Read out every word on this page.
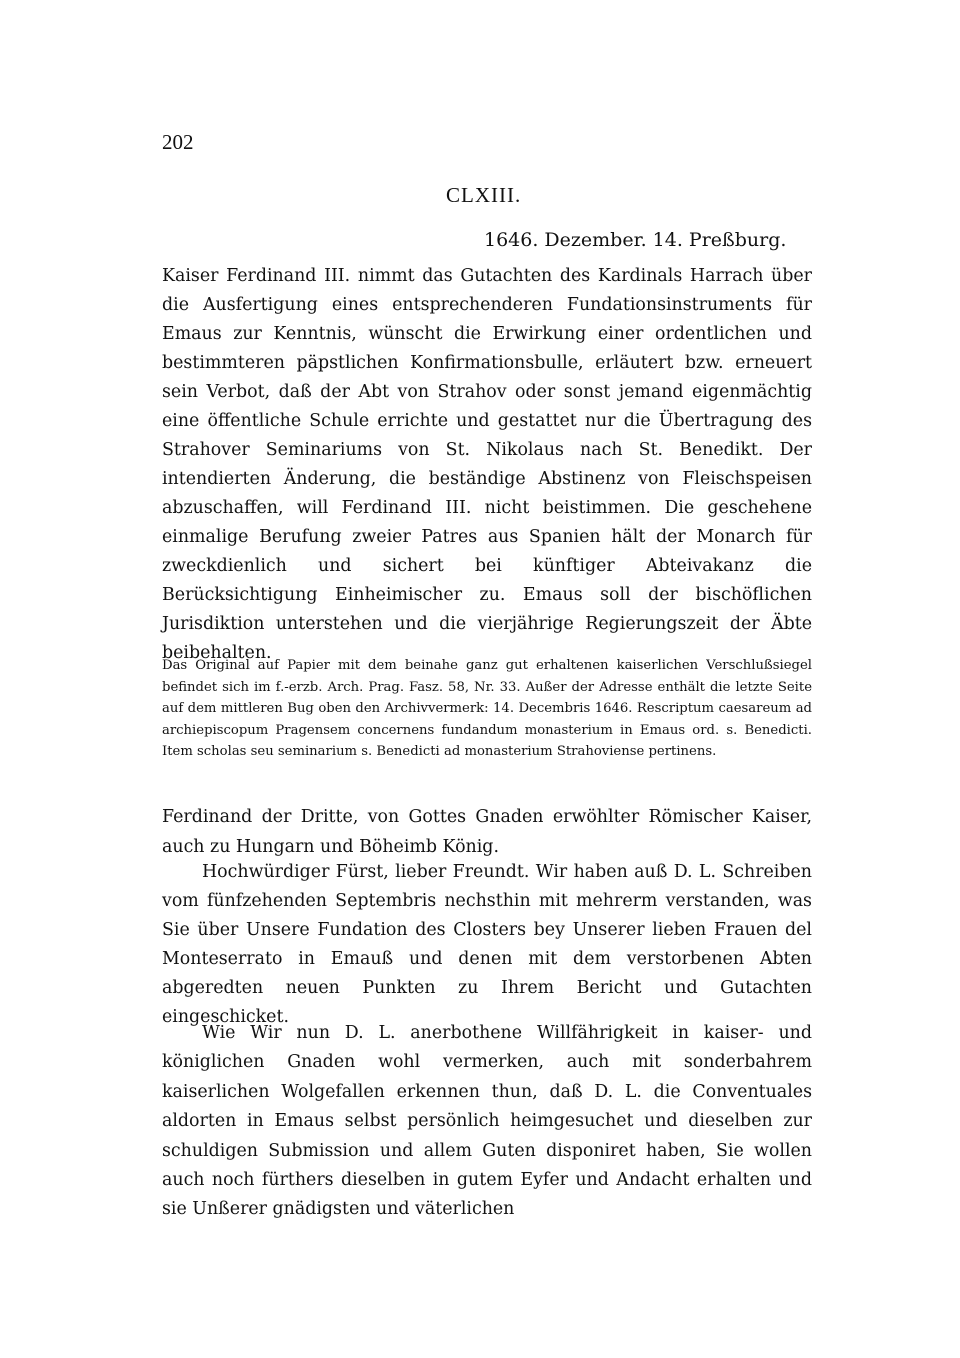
202
CLXIII.
1646. Dezember. 14. Preßburg.

Kaiser Ferdinand III. nimmt das Gutachten des Kardinals Harrach über die Ausfertigung eines entsprechenderen Fundationsinstruments für Emaus zur Kenntnis, wünscht die Erwirkung einer ordentlichen und bestimmteren päpstlichen Konfirmationsbulle, erläutert bzw. erneuert sein Verbot, daß der Abt von Strahov oder sonst jemand eigenmächtig eine öffentliche Schule errichte und gestattet nur die Übertragung des Strahover Seminariums von St. Nikolaus nach St. Benedikt. Der intendierten Änderung, die beständige Abstinenz von Fleischspeisen abzuschaffen, will Ferdinand III. nicht beistimmen. Die geschehene einmalige Berufung zweier Patres aus Spanien hält der Monarch für zweckdienlich und sichert bei künftiger Abteivakanz die Berücksichtigung Einheimischer zu. Emaus soll der bischöflichen Jurisdiktion unterstehen und die vierjährige Regierungszeit der Äbte beibehalten.

Das Original auf Papier mit dem beinahe ganz gut erhaltenen kaiserlichen Verschlußsiegel befindet sich im f.-erzb. Arch. Prag. Fasz. 58, Nr. 33. Außer der Adresse enthält die letzte Seite auf dem mittleren Bug oben den Archivvermerk: 14. Decembris 1646. Rescriptum caesareum ad archiepiscopum Pragensem concernens fundandum monasterium in Emaus ord. s. Benedicti. Item scholas seu seminarium s. Benedicti ad monasterium Strahoviense pertinens.

Ferdinand der Dritte, von Gottes Gnaden erwöhlter Römischer Kaiser, auch zu Hungarn und Böheimb König.

Hochwürdiger Fürst, lieber Freundt. Wir haben auß D. L. Schreiben vom fünfzehenden Septembris nechsthin mit mehrerm verstanden, was Sie über Unsere Fundation des Closters bey Unserer lieben Frauen del Monteserrato in Emauß und denen mit dem verstorbenen Abten abgeredten neuen Punkten zu Ihrem Bericht und Gutachten eingeschicket.

Wie Wir nun D. L. anerbothene Willfährigkeit in kaiser- und königlichen Gnaden wohl vermerken, auch mit sonderbahrem kaiserlichen Wolgefallen erkennen thun, daß D. L. die Conventuales aldorten in Emaus selbst persönlich heimgesuchet und dieselben zur schuldigen Submission und allem Guten disponiret haben, Sie wollen auch noch fürthers dieselben in gutem Eyfer und Andacht erhalten und sie Unßerer gnädigsten und väterlichen
